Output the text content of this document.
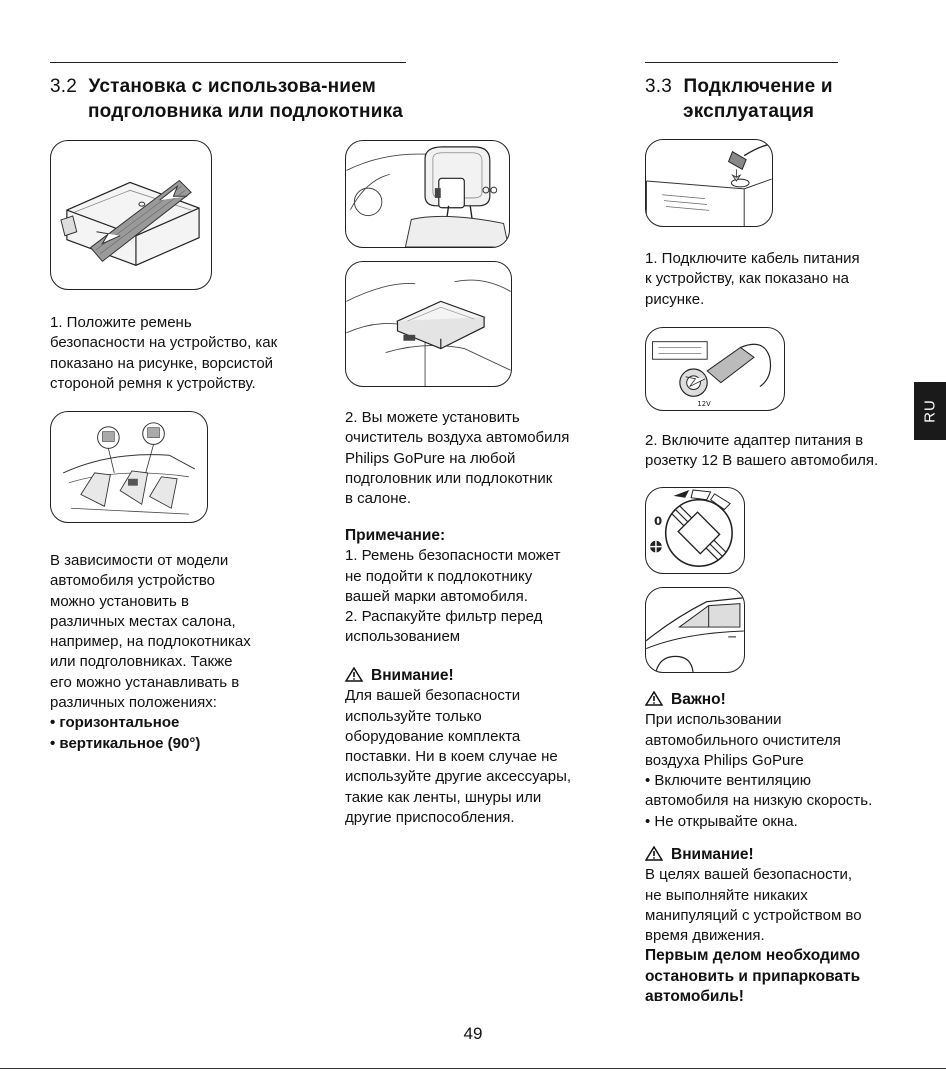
3.2 Установка с использова-нием
подголовника или подлокотника
3.3 Подключение и
эксплуатация
12V
0

1. Положите ремень

безопасности на устройство, как

показано на рисунке, ворсистой

стороной ремня к устройству.

В зависимости от модели

автомобиля устройство

можно установить в

различных местах салона,

например, на подлокотниках

или подголовниках. Также

его можно устанавливать в

различных положениях:

• горизонтальное

• вертикальное (90°)

2. Вы можете установить

очиститель воздуха автомобиля

Philips GoPure на любой

подголовник или подлокотник

в салоне.

Примечание:

1. Ремень безопасности может

не подойти к подлокотнику

вашей марки автомобиля.

2. Распакуйте фильтр перед

использованием

Внимание!

Для вашей безопасности

используйте только

оборудование комплекта

поставки. Ни в коем случае не

используйте другие аксессуары,

такие как ленты, шнуры или

другие приспособления.

1. Подключите кабель питания

к устройству, как показано на

рисунке.

2. Включите адаптер питания в

розетку 12 В вашего автомобиля.

Важно!

При использовании

автомобильного очистителя

воздуха Philips GoPure

• Включите вентиляцию

автомобиля на низкую скорость.

• Не открывайте окна.

Внимание!

В целях вашей безопасности,

не выполняйте никаких

манипуляций с устройством во

время движения.

Первым делом необходимо

остановить и припарковать

автомобиль!

RU
49
